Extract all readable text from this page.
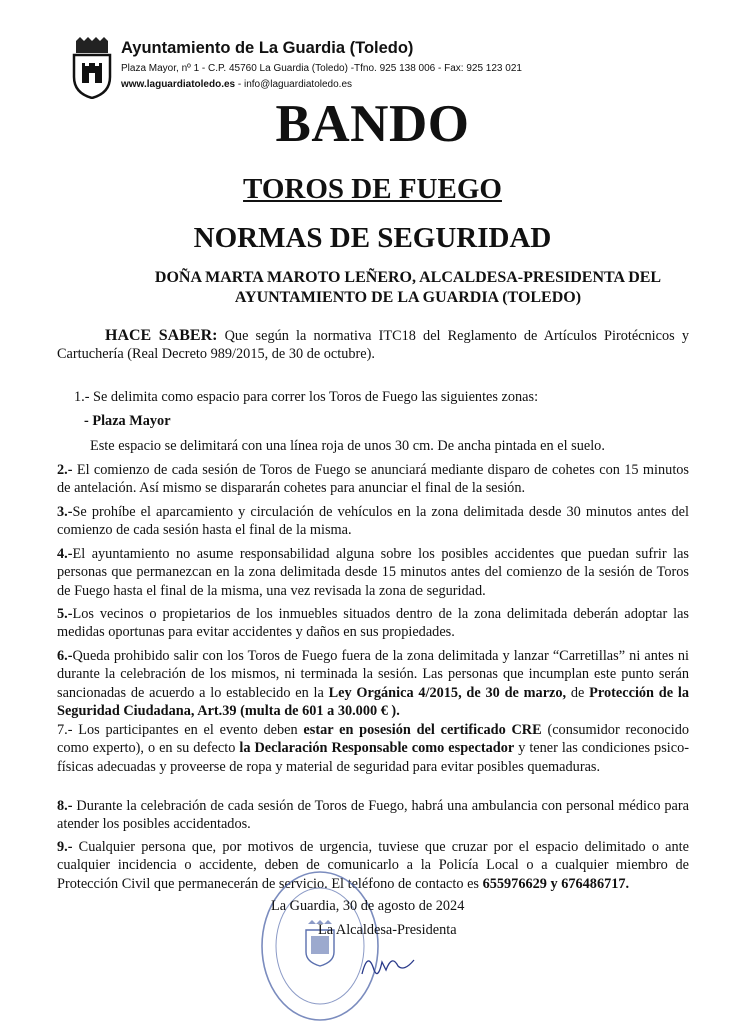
Ayuntamiento de La Guardia (Toledo)
Plaza Mayor, nº 1 - C.P. 45760 La Guardia (Toledo) -Tfno. 925 138 006 - Fax: 925 123 021
www.laguardiatoledo.es - info@laguardiatoledo.es
BANDO
TOROS DE FUEGO
NORMAS DE SEGURIDAD
DOÑA MARTA MAROTO LEÑERO, ALCALDESA-PRESIDENTA DEL
AYUNTAMIENTO DE LA GUARDIA (TOLEDO)
HACE SABER: Que según la normativa ITC18 del Reglamento de Artículos Pirotécnicos y Cartuchería (Real Decreto 989/2015, de 30 de octubre).
1.- Se delimita como espacio para correr los Toros de Fuego las siguientes zonas:
- Plaza Mayor
Este espacio se delimitará con una línea roja de unos 30 cm. De ancha pintada en el suelo.
2.- El comienzo de cada sesión de Toros de Fuego se anunciará mediante disparo de cohetes con 15 minutos de antelación. Así mismo se dispararán cohetes para anunciar el final de la sesión.
3.-Se prohíbe el aparcamiento y circulación de vehículos en la zona delimitada desde 30 minutos antes del comienzo de cada sesión hasta el final de la misma.
4.-El ayuntamiento no asume responsabilidad alguna sobre los posibles accidentes que puedan sufrir las personas que permanezcan en la zona delimitada desde 15 minutos antes del comienzo de la sesión de Toros de Fuego hasta el final de la misma, una vez revisada la zona de seguridad.
5.-Los vecinos o propietarios de los inmuebles situados dentro de la zona delimitada deberán adoptar las medidas oportunas para evitar accidentes y daños en sus propiedades.
6.-Queda prohibido salir con los Toros de Fuego fuera de la zona delimitada y lanzar “Carretillas” ni antes ni durante la celebración de los mismos, ni terminada la sesión. Las personas que incumplan este punto serán sancionadas de acuerdo a lo establecido en la Ley Orgánica 4/2015, de 30 de marzo, de Protección de la Seguridad Ciudadana, Art.39 (multa de 601 a 30.000 € ).
7.- Los participantes en el evento deben estar en posesión del certificado CRE (consumidor reconocido como experto), o en su defecto la Declaración Responsable como espectador y tener las condiciones psico-físicas adecuadas y proveerse de ropa y material de seguridad para evitar posibles quemaduras.
8.- Durante la celebración de cada sesión de Toros de Fuego, habrá una ambulancia con personal médico para atender los posibles accidentados.
9.- Cualquier persona que, por motivos de urgencia, tuviese que cruzar por el espacio delimitado o ante cualquier incidencia o accidente, deben de comunicarlo a la Policía Local o a cualquier miembro de Protección Civil que permanecerán de servicio. El teléfono de contacto es 655976629 y 676486717.
La Guardia, 30 de agosto de 2024
La Alcaldesa-Presidenta
